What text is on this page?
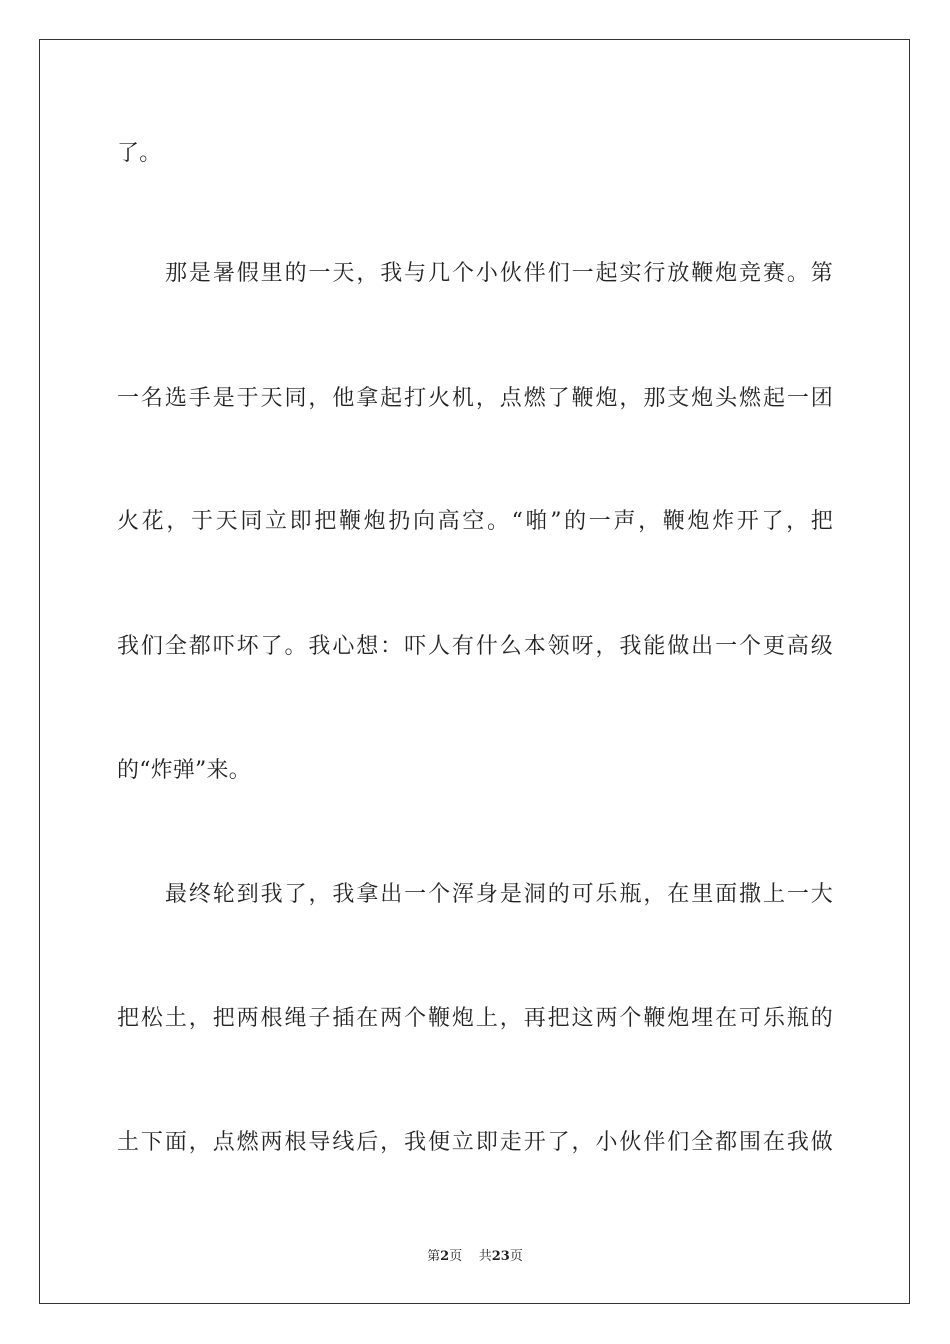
了。
那是暑假里的一天，我与几个小伙伴们一起实行放鞭炮竞赛。第
一名选手是于天同，他拿起打火机，点燃了鞭炮，那支炮头燃起一团
火花，于天同立即把鞭炮扔向高空。“啪”的一声，鞭炮炸开了，把
我们全都吓坏了。我心想：吓人有什么本领呀，我能做出一个更高级
的“炸弹”来。
最终轮到我了，我拿出一个浑身是洞的可乐瓶，在里面撒上一大
把松土，把两根绳子插在两个鞭炮上，再把这两个鞭炮埋在可乐瓶的
土下面，点燃两根导线后，我便立即走开了，小伙伴们全都围在我做
第2页 共23页
